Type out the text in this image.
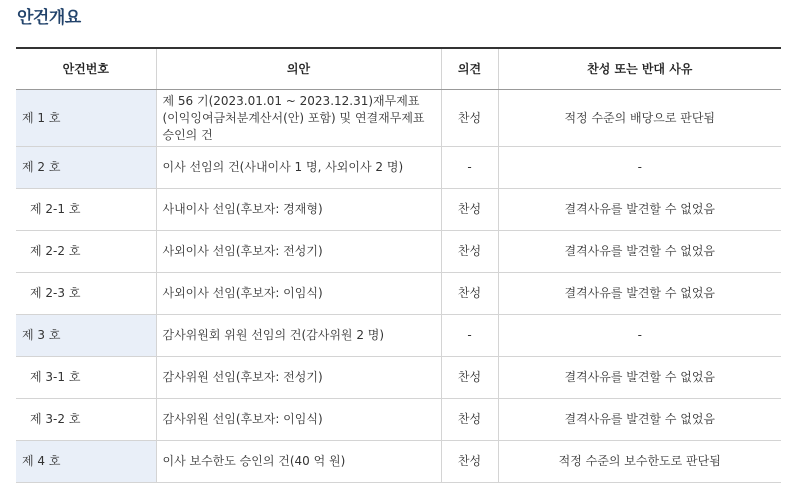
안건개요
안건번호	의안	의견	찬성 또는 반대 사유
제 1 호	제 56 기(2023.01.01 ~ 2023.12.31)재무제표(이익잉여금처분계산서(안) 포함) 및 연결재무제표 승인의 건	찬성	적정 수준의 배당으로 판단됨
제 2 호	이사 선임의 건(사내이사 1 명, 사외이사 2 명)	-	-
제 2-1 호	사내이사 선임(후보자: 경재형)	찬성	결격사유를 발견할 수 없었음
제 2-2 호	사외이사 선임(후보자: 전성기)	찬성	결격사유를 발견할 수 없었음
제 2-3 호	사외이사 선임(후보자: 이임식)	찬성	결격사유를 발견할 수 없었음
제 3 호	감사위원회 위원 선임의 건(감사위원 2 명)	-	-
제 3-1 호	감사위원 선임(후보자: 전성기)	찬성	결격사유를 발견할 수 없었음
제 3-2 호	감사위원 선임(후보자: 이임식)	찬성	결격사유를 발견할 수 없었음
제 4 호	이사 보수한도 승인의 건(40 억 원)	찬성	적정 수준의 보수한도로 판단됨
